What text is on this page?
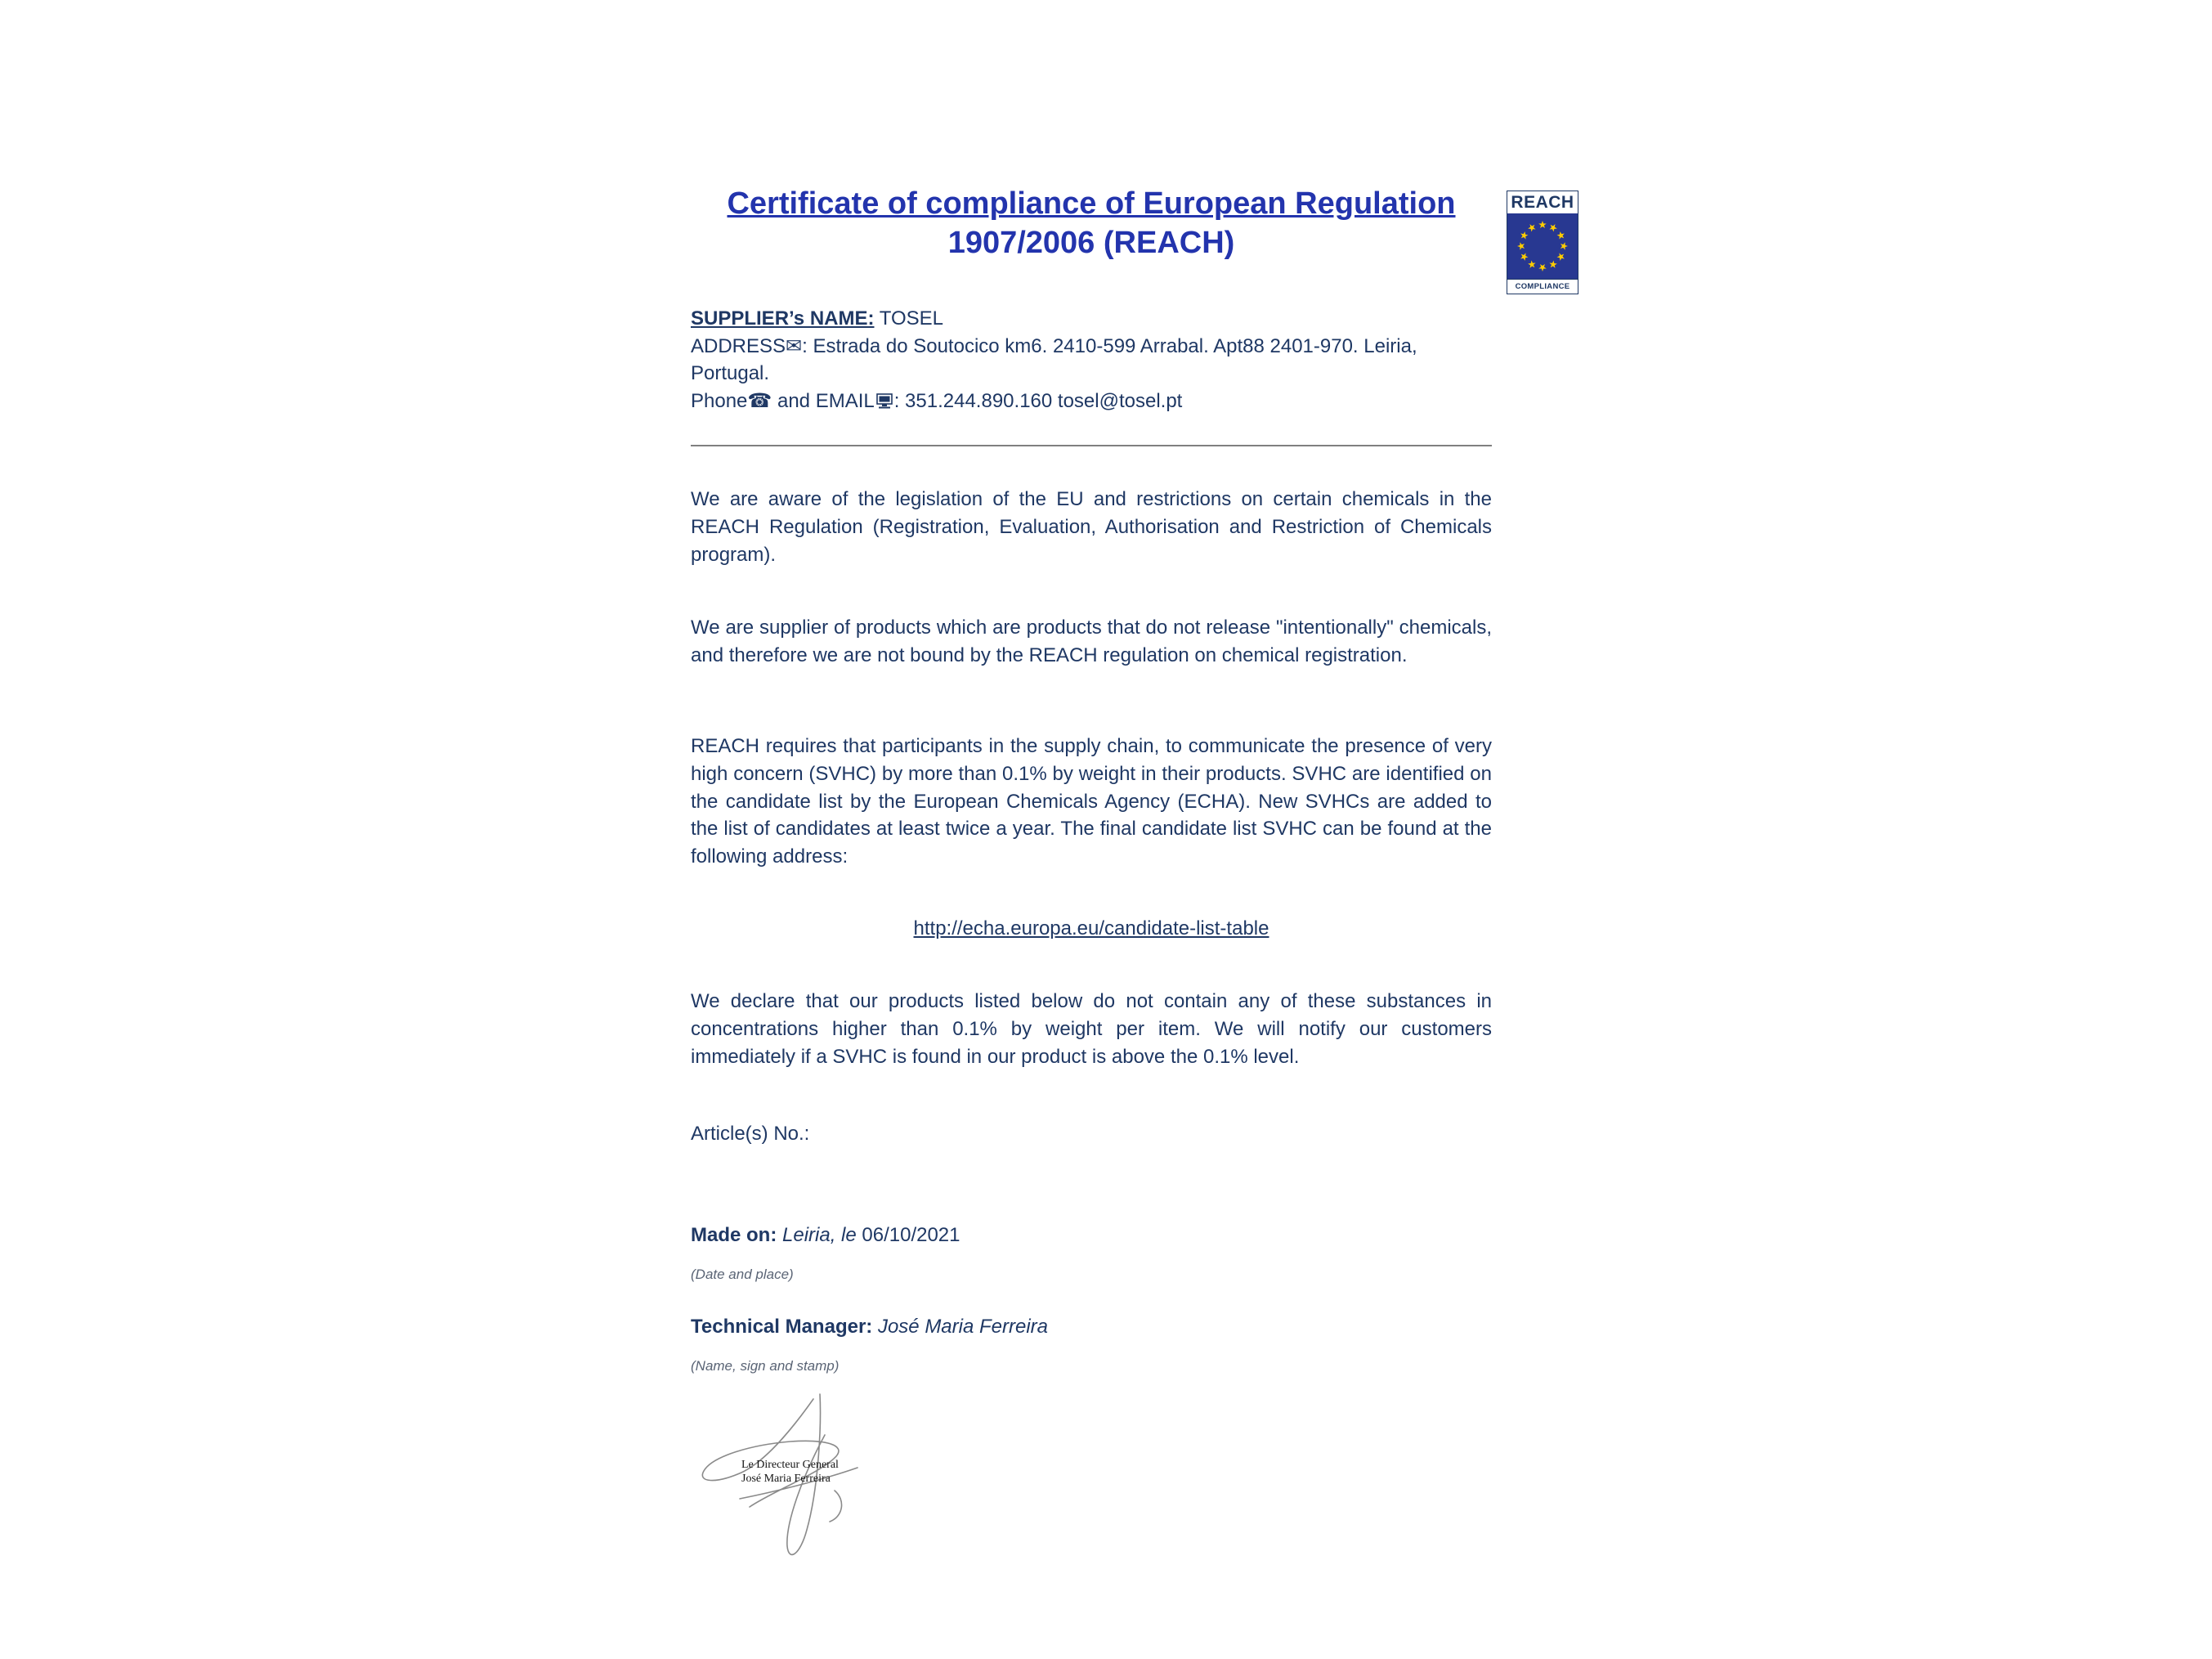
REACH
COMPLIANCE
Certificate of compliance of European Regulation
1907/2006 (REACH)

SUPPLIER’s NAME: TOSEL
ADDRESS✉: Estrada do Soutocico km6. 2410-599 Arrabal. Apt88 2401-970. Leiria, Portugal.
Phone☎ and EMAIL : 351.244.890.160 tosel@tosel.pt

We are aware of the legislation of the EU and restrictions on certain chemicals in the REACH Regulation (Registration, Evaluation, Authorisation and Restriction of Chemicals program).

We are supplier of products which are products that do not release "intentionally" chemicals, and therefore we are not bound by the REACH regulation on chemical registration.

REACH requires that participants in the supply chain, to communicate the presence of very high concern (SVHC) by more than 0.1% by weight in their products. SVHC are identified on the candidate list by the European Chemicals Agency (ECHA). New SVHCs are added to the list of candidates at least twice a year. The final candidate list SVHC can be found at the following address:

http://echa.europa.eu/candidate-list-table

We declare that our products listed below do not contain any of these substances in concentrations higher than 0.1% by weight per item. We will notify our customers immediately if a SVHC is found in our product is above the 0.1% level.

Article(s) No.:

Made on: Leiria, le 06/10/2021

(Date and place)

Technical Manager: José Maria Ferreira

(Name, sign and stamp)
Le Directeur General
José Maria Ferreira
